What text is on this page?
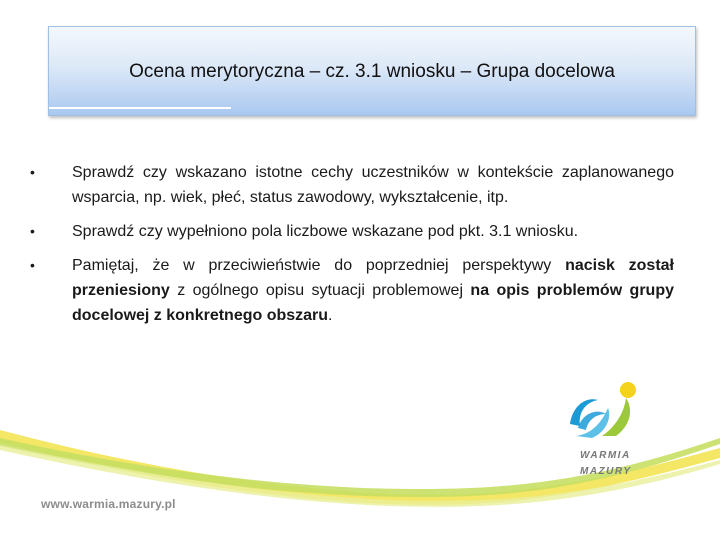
Ocena merytoryczna – cz. 3.1 wniosku – Grupa docelowa
•	Sprawdź czy wskazano istotne cechy uczestników w kontekście zaplanowanego wsparcia, np. wiek, płeć, status zawodowy, wykształcenie, itp.
•	Sprawdź czy wypełniono pola liczbowe wskazane pod pkt. 3.1 wniosku.
•	Pamiętaj, że w przeciwieństwie do poprzedniej perspektywy nacisk został przeniesiony z ogólnego opisu sytuacji problemowej na opis problemów grupy docelowej z konkretnego obszaru.
www.warmia.mazury.pl
WARMIA
MAZURY
